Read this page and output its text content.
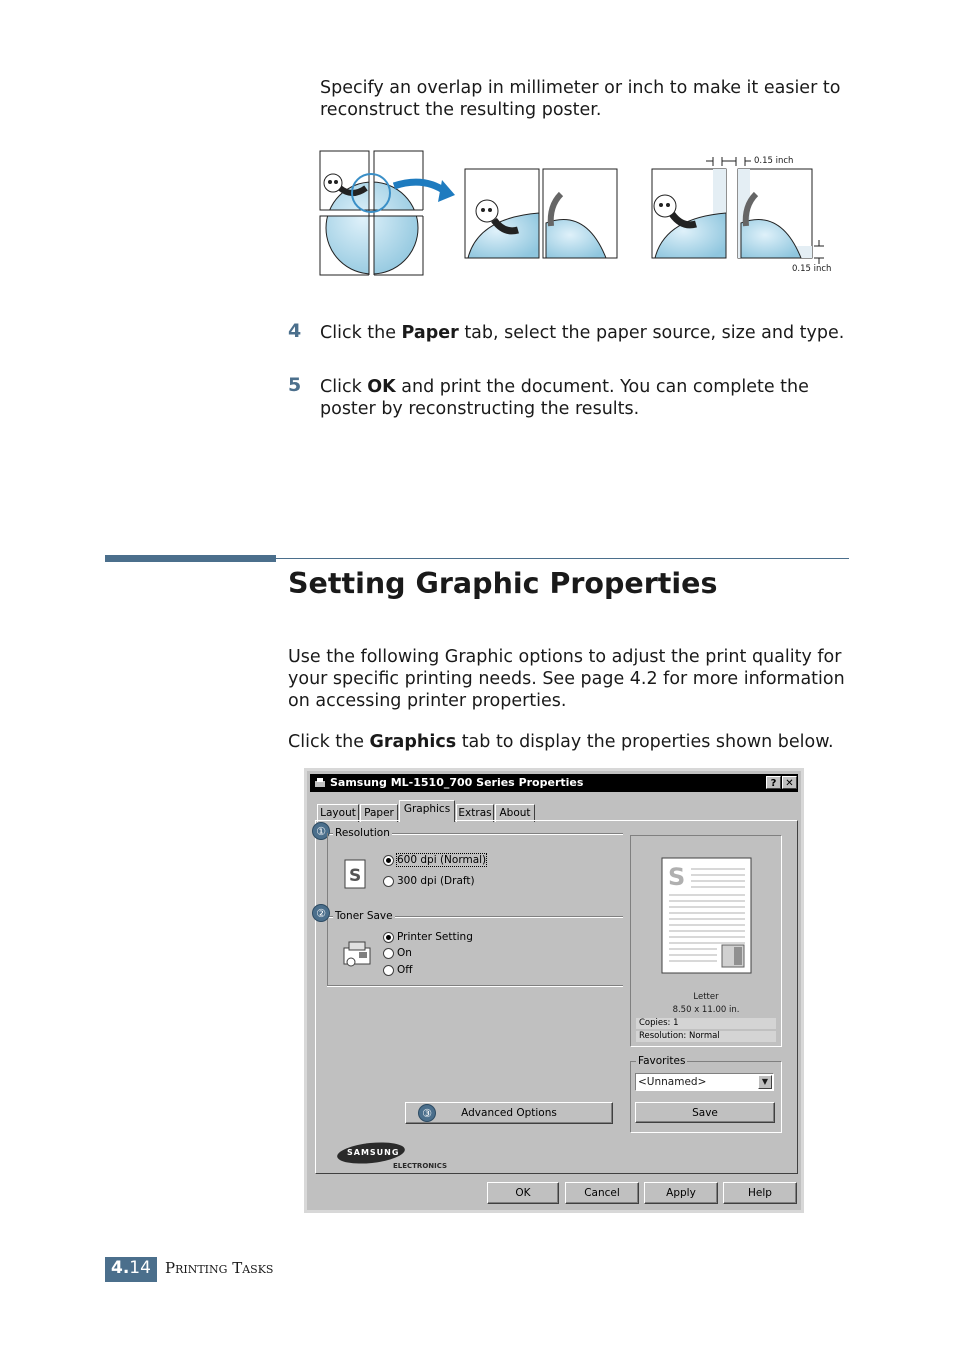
Specify an overlap in millimeter or inch to make it easier to
reconstruct the resulting poster.
0.15 inch
0.15 inch
4 Click the Paper tab, select the paper source, size and type.
5 Click OK and print the document. You can complete the
poster by reconstructing the results.
Setting Graphic Properties
Use the following Graphic options to adjust the print quality for
your specific printing needs. See page 4.2 for more information
on accessing printer properties.
Click the Graphics tab to display the properties shown below.
Samsung ML-1510_700 Series Properties	? ✕
Layout Paper Graphics Extras About
① Resolution
S
600 dpi (Normal)
300 dpi (Draft)
② Toner Save
Printer Setting
On
Off
S
Letter
8.50 x 11.00 in.
Copies: 1
Resolution: Normal
Favorites
<Unnamed>	▼
Save
Advanced Options
③
SAMSUNG
ELECTRONICS
OK	Cancel	Apply	Help
4.14 Printing Tasks
